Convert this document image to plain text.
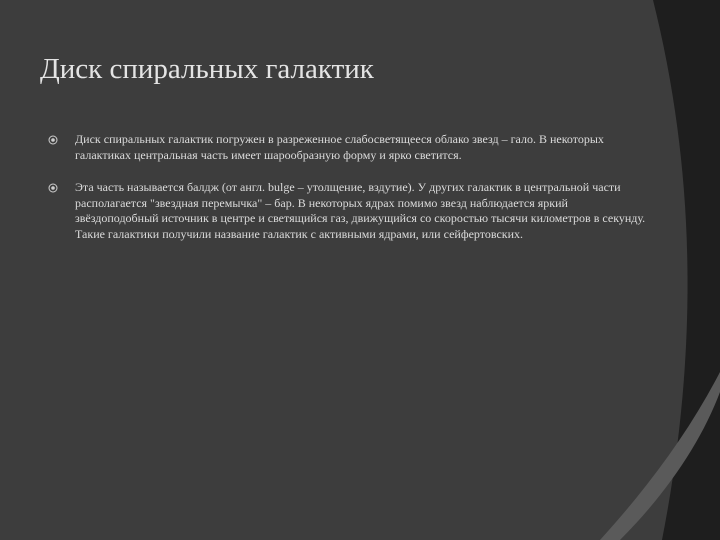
Диск спиральных галактик
Диск спиральных галактик погружен в разреженное слабосветящееся облако звезд – гало. В некоторых галактиках центральная часть имеет шарообразную форму и ярко светится.
Эта часть называется балдж (от англ. bulge – утолщение, вздутие). У других галактик в центральной части располагается "звездная перемычка" – бар. В некоторых ядрах помимо звезд наблюдается яркий звёздоподобный источник в центре и светящийся газ, движущийся со скоростью тысячи километров в секунду. Такие галактики получили название галактик с активными ядрами, или сейфертовских.
